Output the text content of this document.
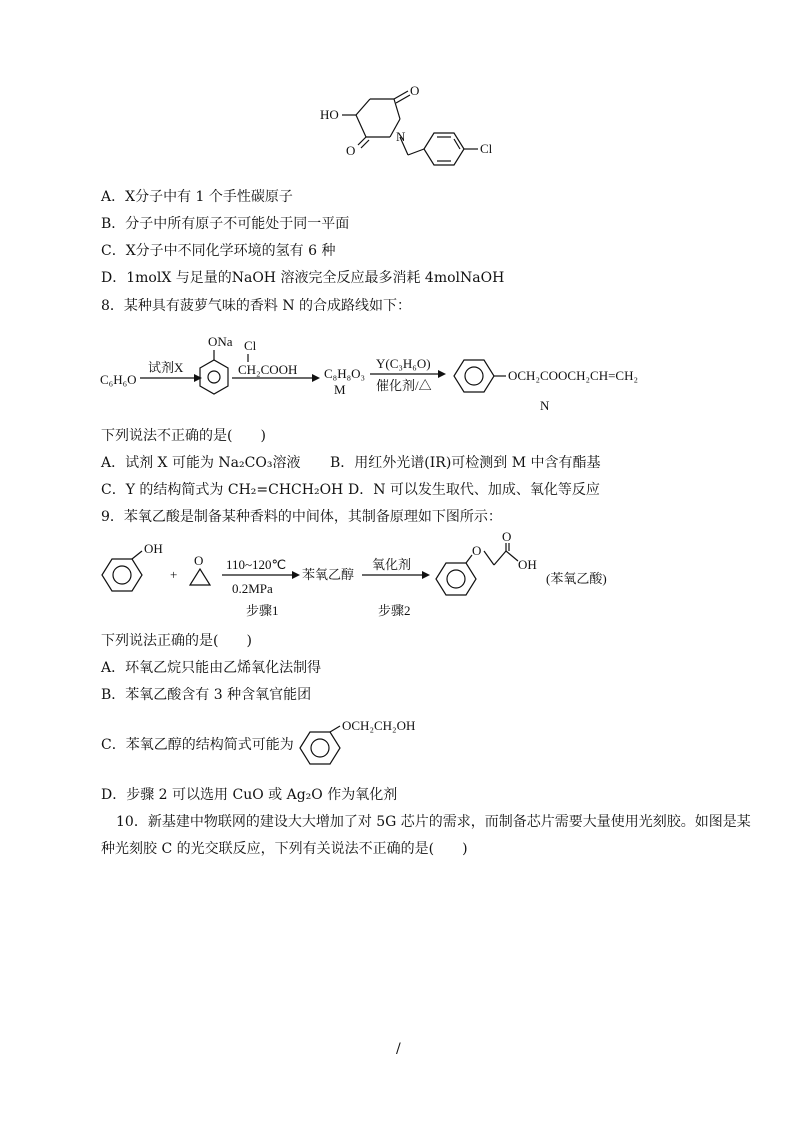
HO
O
O
N
Cl
A．X分子中有 1 个手性碳原子
B．分子中所有原子不可能处于同一平面
C．X分子中不同化学环境的氢有 6 种
D．1molX 与足量的NaOH 溶液完全反应最多消耗 4molNaOH
8．某种具有菠萝气味的香料 N 的合成路线如下：
C₆H₆O
试剂X
ONa Cl
CH₂COOH C₈H₈O₃
M
Y(C₃H₆O)
催化剂/△
OCH₂COOCH₂CH=CH₂
N
下列说法不正确的是(　　)
A．试剂 X 可能为 Na₂CO₃溶液 B．用红外光谱(IR)可检测到 M 中含有酯基
C．Y 的结构简式为 CH₂=CHCH₂OH D．N 可以发生取代、加成、氧化等反应
9．苯氧乙酸是制备某种香料的中间体，其制备原理如下图所示：
OH
+
O 110~120℃
0.2MPa
步骤1
苯氧乙醇
氧化剂
步骤2
O
O
OH
(苯氧乙酸)
下列说法正确的是(　　)
A．环氧乙烷只能由乙烯氧化法制得
B．苯氧乙酸含有 3 种含氧官能团
C．苯氧乙醇的结构简式可能为
OCH₂CH₂OH
D．步骤 2 可以选用 CuO 或 Ag₂O 作为氧化剂
10．新基建中物联网的建设大大增加了对 5G 芯片的需求，而制备芯片需要大量使用光刻胶。如图是某
种光刻胶 C 的光交联反应，下列有关说法不正确的是(　　)
/
